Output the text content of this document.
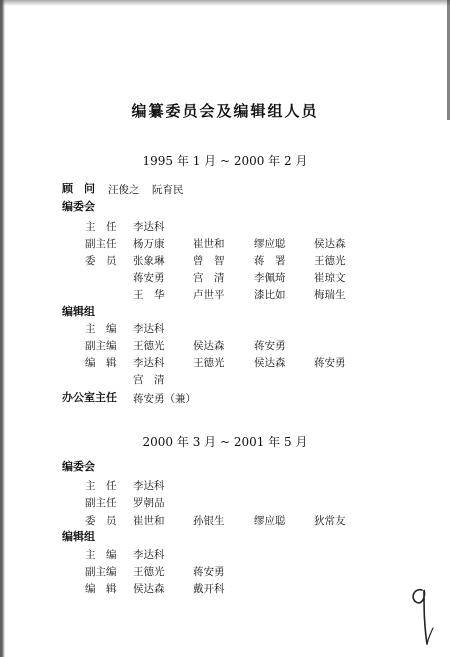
编纂委员会及编辑组人员
1995 年 1 月 ~ 2000 年 2 月
顾　问 汪俊之 阮育民
编委会
主　任 李达科
副主任 杨万康	崔世和	缪应聪	侯达森
委　员 张象琳	曾　智	蒋　署	王德光
蒋安勇	宫　清	李佩琦	崔琼文
王　华	卢世平	漆比如	梅瑞生
编辑组
主　编 李达科
副主编 王德光	侯达森	蒋安勇
编　辑 李达科	王德光	侯达森	蒋安勇
宫　清
办公室主任 蒋安勇（兼）
2000 年 3 月 ~ 2001 年 5 月
编委会
主　任 李达科
副主任 罗朝品
委　员 崔世和	孙银生	缪应聪	狄常友
编辑组
主　编 李达科
副主编 王德光	蒋安勇
编　辑 侯达森	戴开科
